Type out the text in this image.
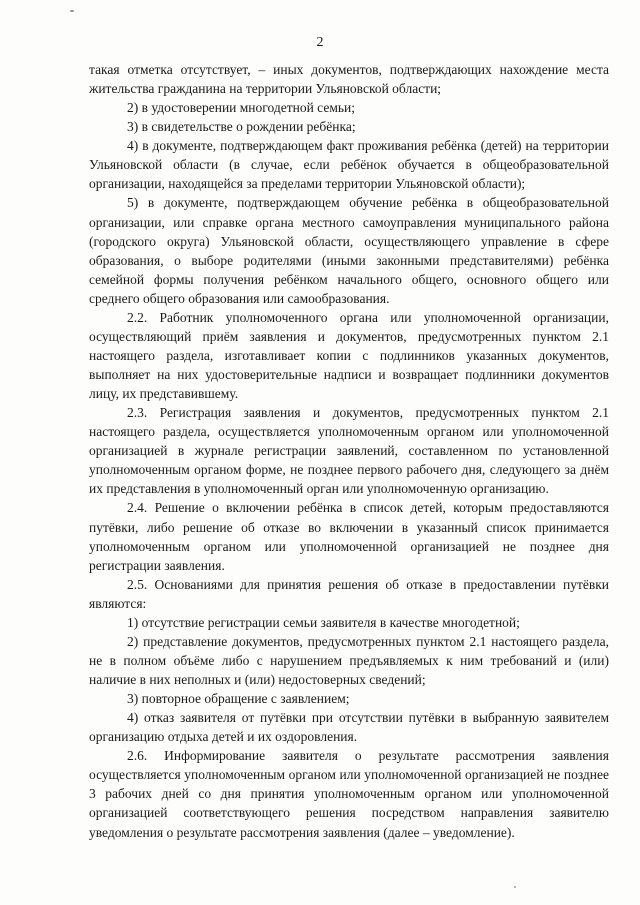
2

такая отметка отсутствует, – иных документов, подтверждающих нахождение места жительства гражданина на территории Ульяновской области;

2) в удостоверении многодетной семьи;

3) в свидетельстве о рождении ребёнка;

4) в документе, подтверждающем факт проживания ребёнка (детей) на территории Ульяновской области (в случае, если ребёнок обучается в общеобразовательной организации, находящейся за пределами территории Ульяновской области);

5) в документе, подтверждающем обучение ребёнка в общеобразовательной организации, или справке органа местного самоуправления муниципального района (городского округа) Ульяновской области, осуществляющего управление в сфере образования, о выборе родителями (иными законными представителями) ребёнка семейной формы получения ребёнком начального общего, основного общего или среднего общего образования или самообразования.

2.2. Работник уполномоченного органа или уполномоченной организации, осуществляющий приём заявления и документов, предусмотренных пунктом 2.1 настоящего раздела, изготавливает копии с подлинников указанных документов, выполняет на них удостоверительные надписи и возвращает подлинники документов лицу, их представившему.

2.3. Регистрация заявления и документов, предусмотренных пунктом 2.1 настоящего раздела, осуществляется уполномоченным органом или уполномоченной организацией в журнале регистрации заявлений, составленном по установленной уполномоченным органом форме, не позднее первого рабочего дня, следующего за днём их представления в уполномоченный орган или уполномоченную организацию.

2.4. Решение о включении ребёнка в список детей, которым предоставляются путёвки, либо решение об отказе во включении в указанный список принимается уполномоченным органом или уполномоченной организацией не позднее дня регистрации заявления.

2.5. Основаниями для принятия решения об отказе в предоставлении путёвки являются:

1) отсутствие регистрации семьи заявителя в качестве многодетной;

2) представление документов, предусмотренных пунктом 2.1 настоящего раздела, не в полном объёме либо с нарушением предъявляемых к ним требований и (или) наличие в них неполных и (или) недостоверных сведений;

3) повторное обращение с заявлением;

4) отказ заявителя от путёвки при отсутствии путёвки в выбранную заявителем организацию отдыха детей и их оздоровления.

2.6. Информирование заявителя о результате рассмотрения заявления осуществляется уполномоченным органом или уполномоченной организацией не позднее 3 рабочих дней со дня принятия уполномоченным органом или уполномоченной организацией соответствующего решения посредством направления заявителю уведомления о результате рассмотрения заявления (далее – уведомление).
